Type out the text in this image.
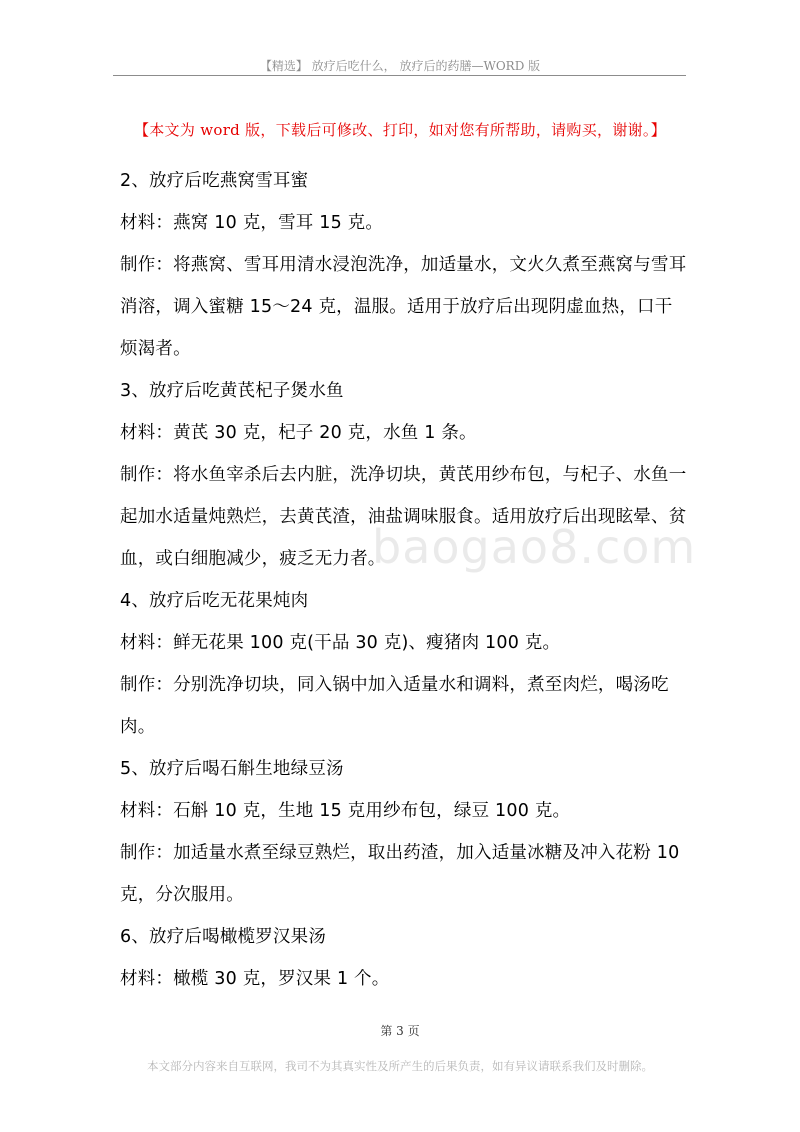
【精选】 放疗后吃什么， 放疗后的药膳—WORD 版
【本文为 word 版，下载后可修改、打印，如对您有所帮助，请购买，谢谢。】
baogao8.com

2、放疗后吃燕窝雪耳蜜

材料：燕窝 10 克，雪耳 15 克。

制作：将燕窝、雪耳用清水浸泡洗净，加适量水，文火久煮至燕窝与雪耳消溶，调入蜜糖 15～24 克，温服。适用于放疗后出现阴虚血热，口干烦渴者。

3、放疗后吃黄芪杞子煲水鱼

材料：黄芪 30 克，杞子 20 克，水鱼 1 条。

制作：将水鱼宰杀后去内脏，洗净切块，黄芪用纱布包，与杞子、水鱼一起加水适量炖熟烂，去黄芪渣，油盐调味服食。适用放疗后出现眩晕、贫血，或白细胞减少，疲乏无力者。

4、放疗后吃无花果炖肉

材料：鲜无花果 100 克(干品 30 克)、瘦猪肉 100 克。

制作：分别洗净切块，同入锅中加入适量水和调料，煮至肉烂，喝汤吃肉。

5、放疗后喝石斛生地绿豆汤

材料：石斛 10 克，生地 15 克用纱布包，绿豆 100 克。

制作：加适量水煮至绿豆熟烂，取出药渣，加入适量冰糖及冲入花粉 10 克，分次服用。

6、放疗后喝橄榄罗汉果汤

材料：橄榄 30 克，罗汉果 1 个。

第 3 页
本文部分内容来自互联网，我司不为其真实性及所产生的后果负责，如有异议请联系我们及时删除。
